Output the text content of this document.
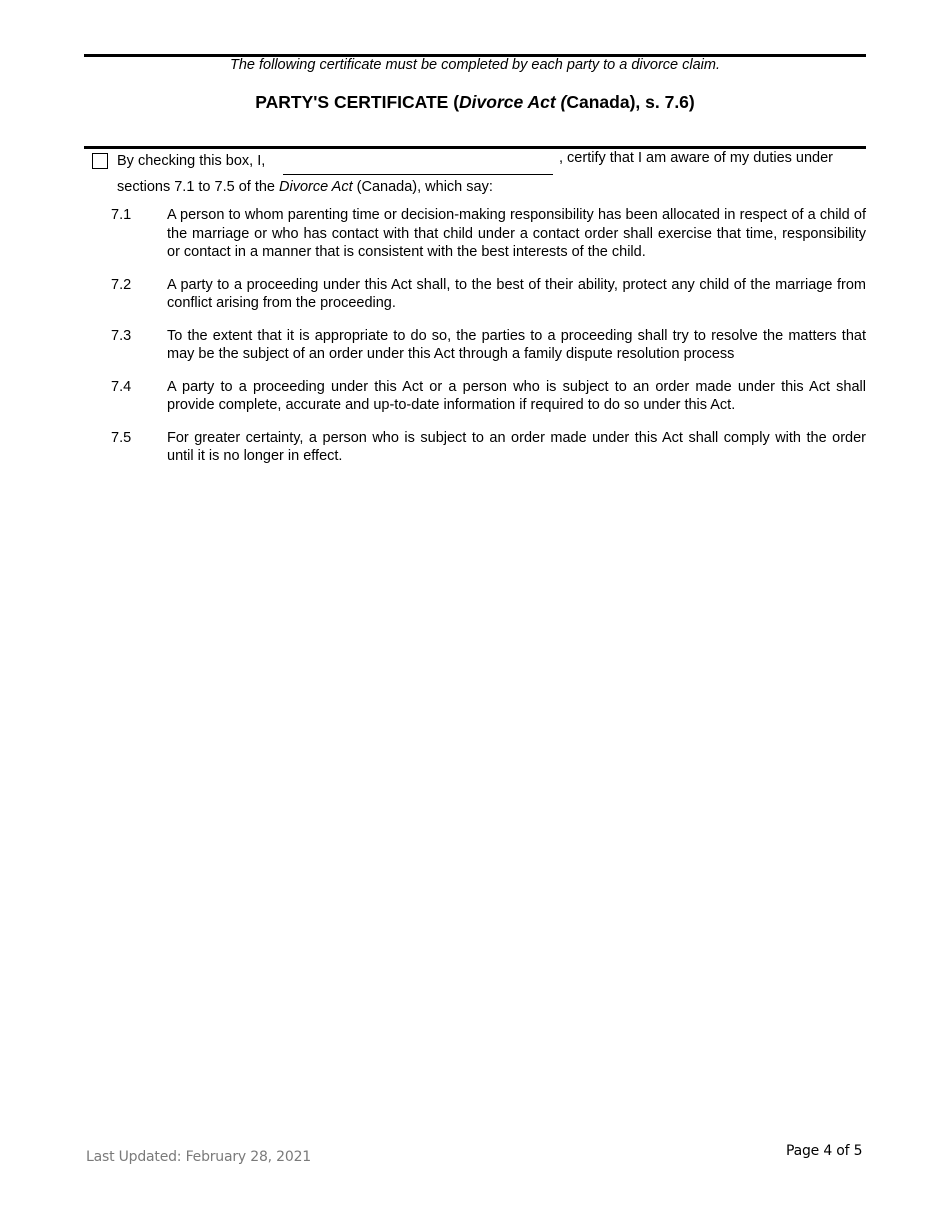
The following certificate must be completed by each party to a divorce claim.
PARTY'S CERTIFICATE (Divorce Act (Canada), s. 7.6)
By checking this box, I,	, certify that I am aware of my duties under
sections 7.1 to 7.5 of the Divorce Act (Canada), which say:
7.1	A person to whom parenting time or decision-making responsibility has been allocated in respect of a child of the marriage or who has contact with that child under a contact order shall exercise that time, responsibility or contact in a manner that is consistent with the best interests of the child.
7.2	A party to a proceeding under this Act shall, to the best of their ability, protect any child of the marriage from conflict arising from the proceeding.
7.3	To the extent that it is appropriate to do so, the parties to a proceeding shall try to resolve the matters that may be the subject of an order under this Act through a family dispute resolution process
7.4	A party to a proceeding under this Act or a person who is subject to an order made under this Act shall provide complete, accurate and up-to-date information if required to do so under this Act.
7.5	For greater certainty, a person who is subject to an order made under this Act shall comply with the order until it is no longer in effect.
Last Updated: February 28, 2021	Page 4 of 5
